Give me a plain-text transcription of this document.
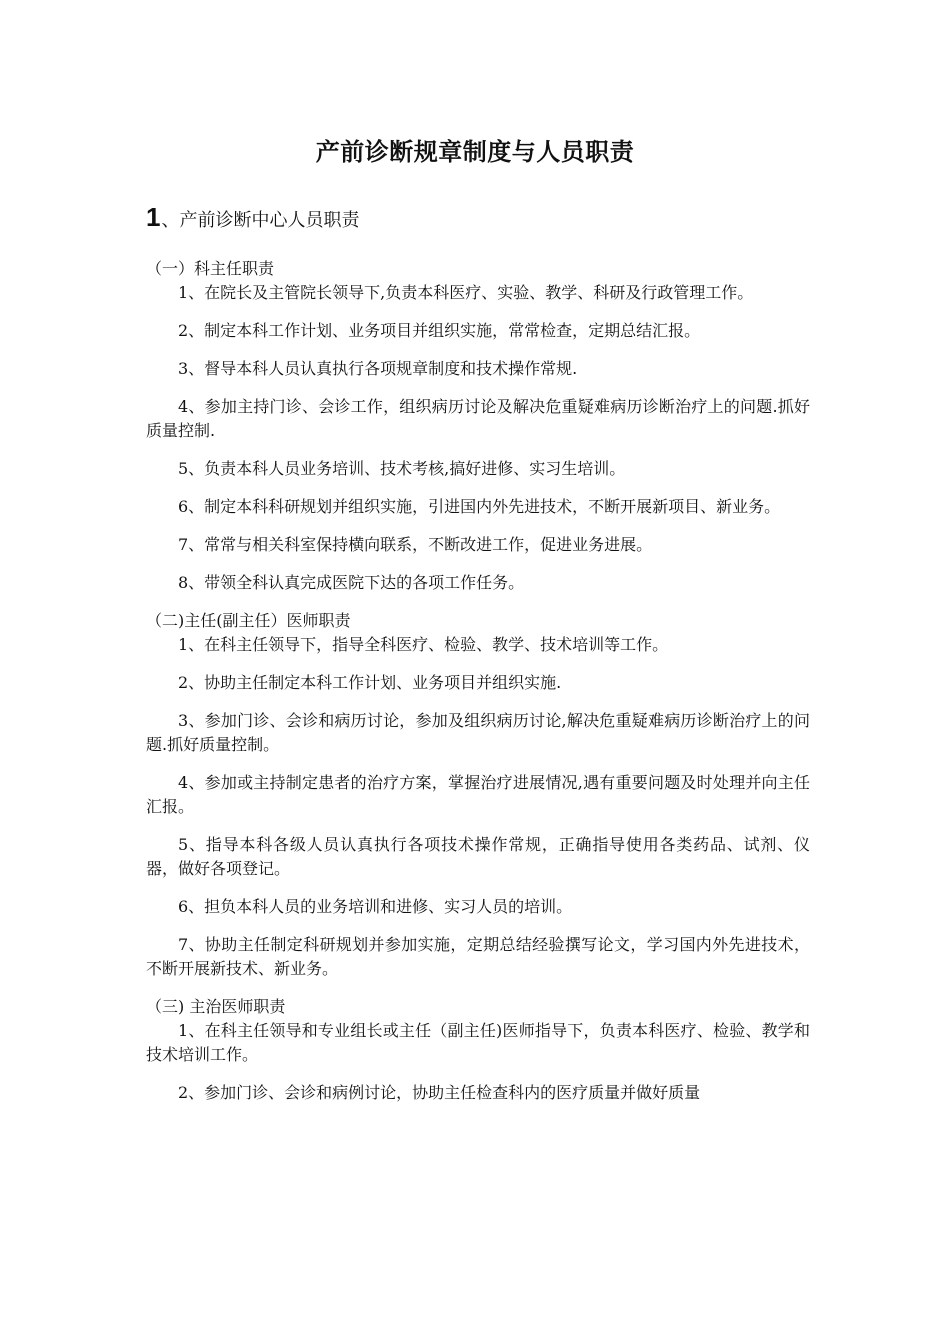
产前诊断规章制度与人员职责
1、产前诊断中心人员职责
（一）科主任职责

1、在院长及主管院长领导下,负责本科医疗、实验、教学、科研及行政管理工作。

2、制定本科工作计划、业务项目并组织实施，常常检查，定期总结汇报。

3、督导本科人员认真执行各项规章制度和技术操作常规.

4、参加主持门诊、会诊工作，组织病历讨论及解决危重疑难病历诊断治疗上的问题.抓好质量控制.

5、负责本科人员业务培训、技术考核,搞好进修、实习生培训。

6、制定本科科研规划并组织实施，引进国内外先进技术，不断开展新项目、新业务。

7、常常与相关科室保持横向联系，不断改进工作，促进业务进展。

8、带领全科认真完成医院下达的各项工作任务。

（二)主任(副主任）医师职责

1、在科主任领导下，指导全科医疗、检验、教学、技术培训等工作。

2、协助主任制定本科工作计划、业务项目并组织实施.

3、参加门诊、会诊和病历讨论，参加及组织病历讨论,解决危重疑难病历诊断治疗上的问题.抓好质量控制。

4、参加或主持制定患者的治疗方案，掌握治疗进展情况,遇有重要问题及时处理并向主任汇报。

5、指导本科各级人员认真执行各项技术操作常规，正确指导使用各类药品、试剂、仪器，做好各项登记。

6、担负本科人员的业务培训和进修、实习人员的培训。

7、协助主任制定科研规划并参加实施，定期总结经验撰写论文，学习国内外先进技术，不断开展新技术、新业务。

（三) 主治医师职责

1、在科主任领导和专业组长或主任（副主任)医师指导下，负责本科医疗、检验、教学和技术培训工作。

2、参加门诊、会诊和病例讨论，协助主任检查科内的医疗质量并做好质量
